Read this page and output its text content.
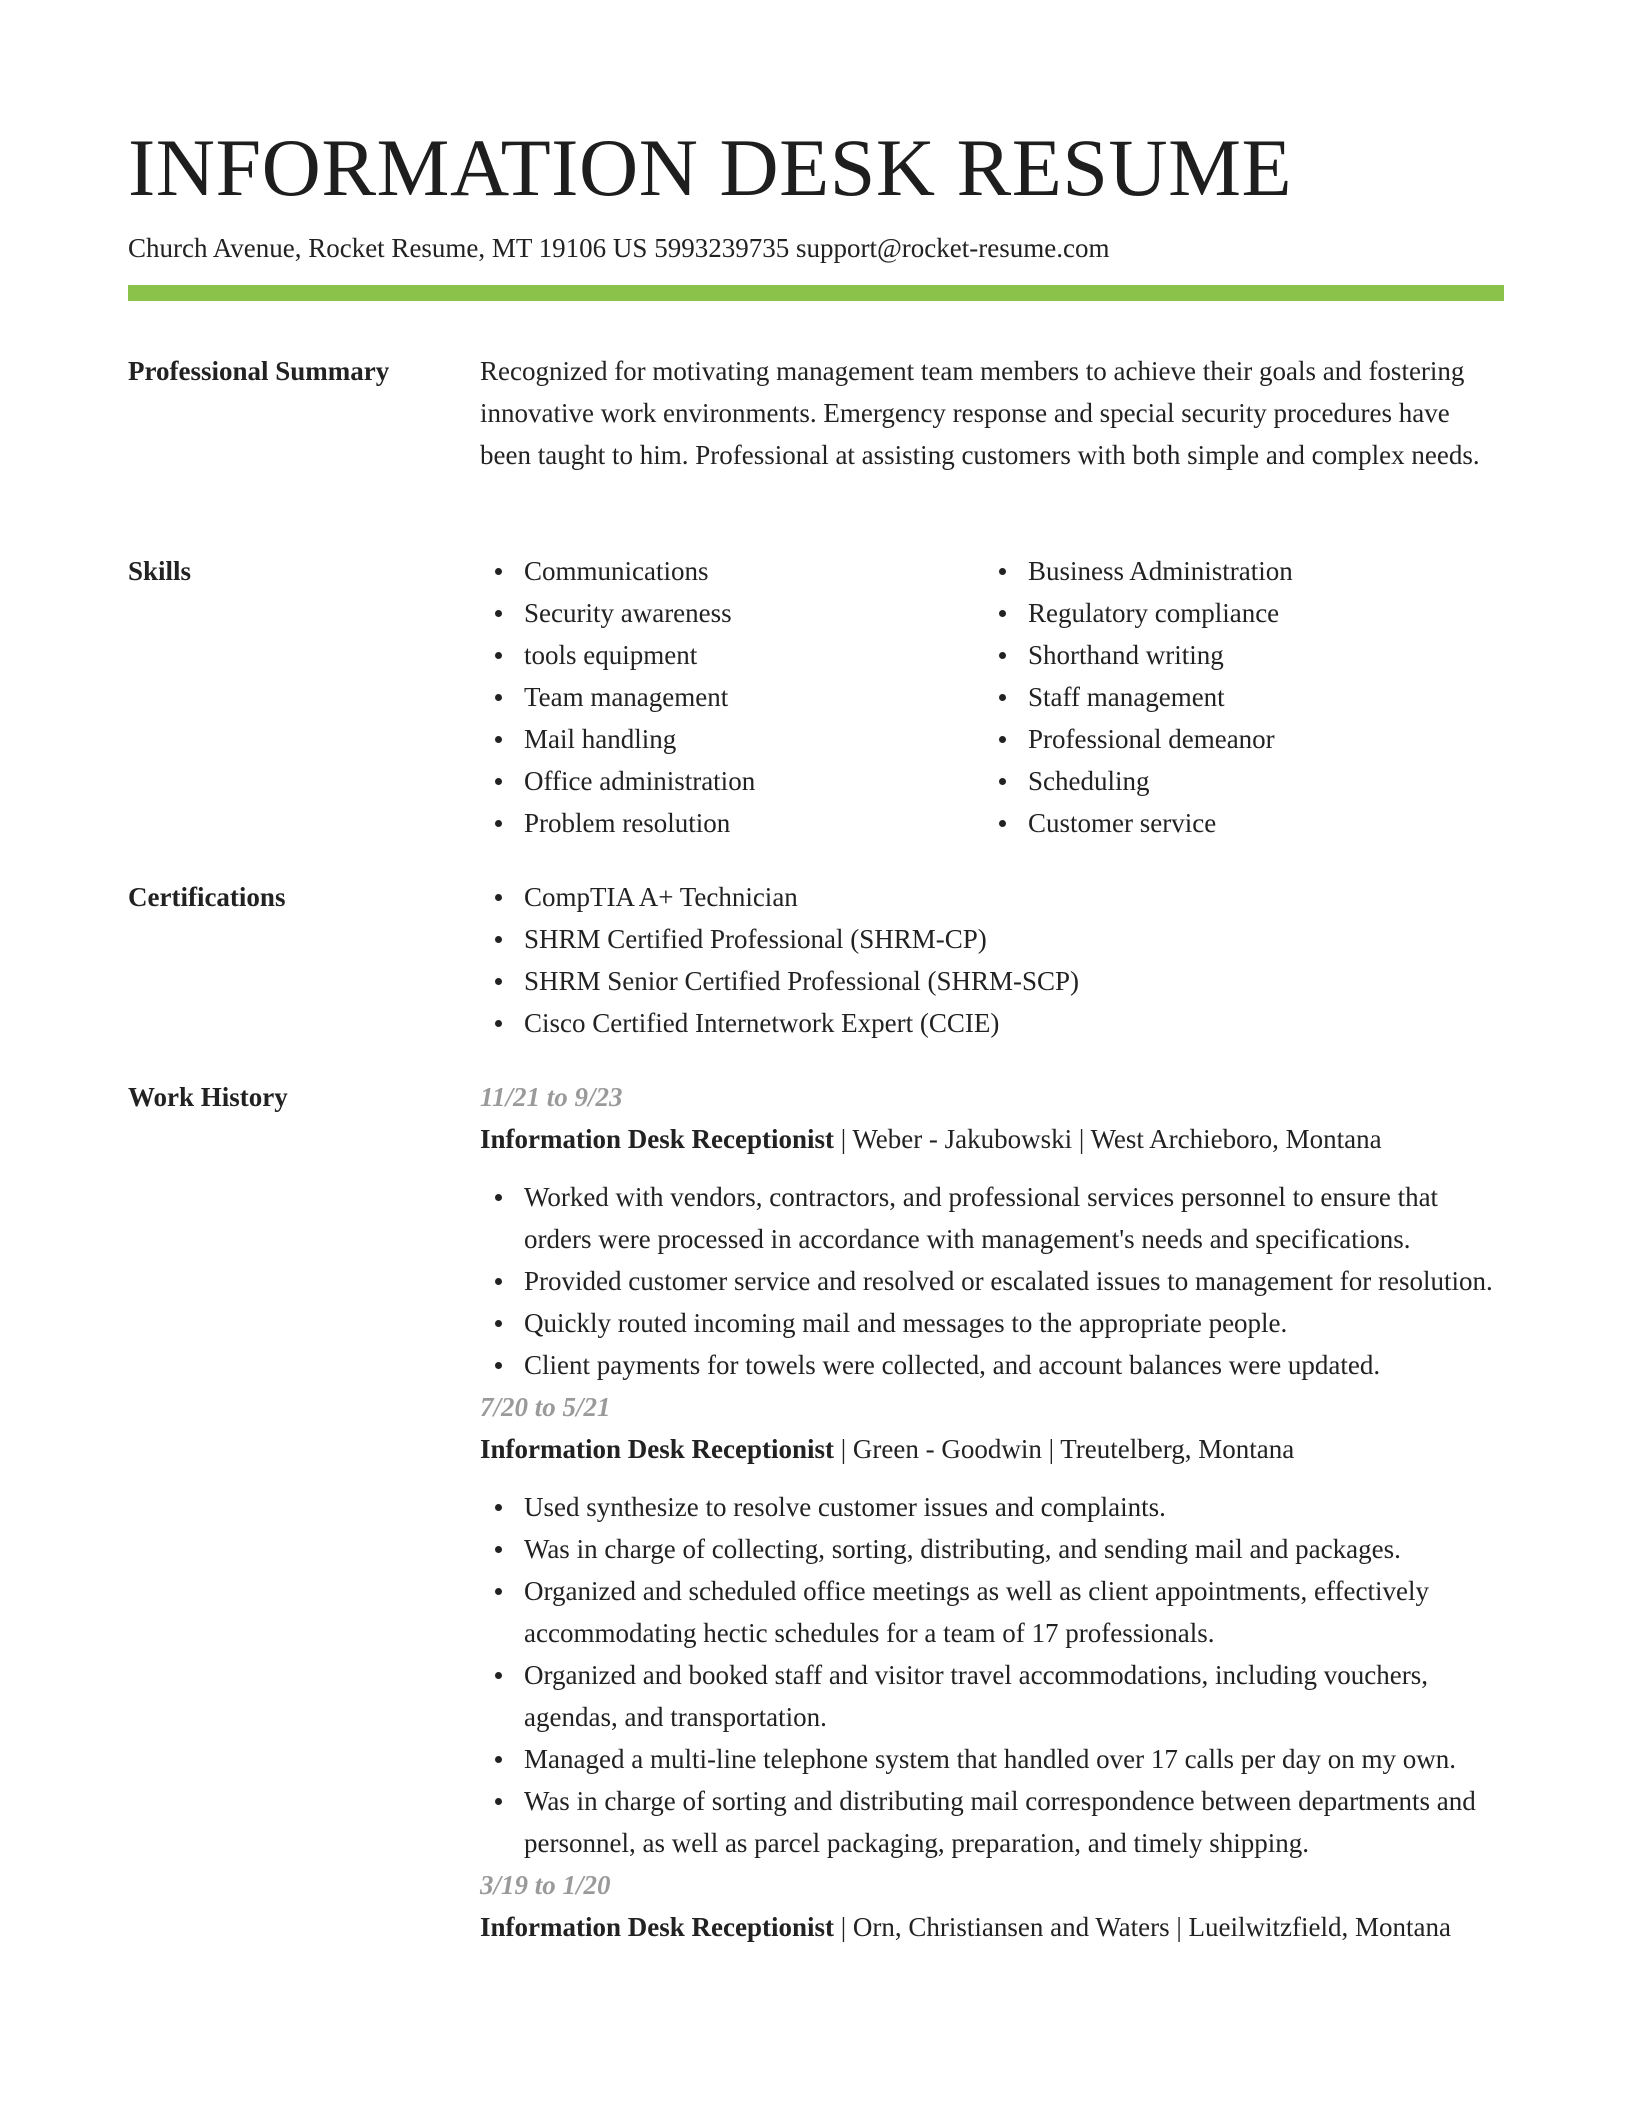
INFORMATION DESK RESUME
Church Avenue, Rocket Resume, MT 19106 US 5993239735 support@rocket-resume.com
Professional Summary	Recognized for motivating management team members to achieve their goals and fostering innovative work environments. Emergency response and special security procedures have been taught to him. Professional at assisting customers with both simple and complex needs.

Skills	Communications
Security awareness
tools equipment
Team management
Mail handling
Office administration
Problem resolution
Business Administration
Regulatory compliance
Shorthand writing
Staff management
Professional demeanor
Scheduling
Customer service
Certifications	CompTIA A+ Technician
SHRM Certified Professional (SHRM-CP)
SHRM Senior Certified Professional (SHRM-SCP)
Cisco Certified Internetwork Expert (CCIE)
Work History	11/21 to 9/23
Information Desk Receptionist | Weber - Jakubowski | West Archieboro, Montana
Worked with vendors, contractors, and professional services personnel to ensure that orders were processed in accordance with management's needs and specifications.
Provided customer service and resolved or escalated issues to management for resolution.
Quickly routed incoming mail and messages to the appropriate people.
Client payments for towels were collected, and account balances were updated.
7/20 to 5/21
Information Desk Receptionist | Green - Goodwin | Treutelberg, Montana
Used synthesize to resolve customer issues and complaints.
Was in charge of collecting, sorting, distributing, and sending mail and packages.
Organized and scheduled office meetings as well as client appointments, effectively accommodating hectic schedules for a team of 17 professionals.
Organized and booked staff and visitor travel accommodations, including vouchers, agendas, and transportation.
Managed a multi-line telephone system that handled over 17 calls per day on my own.
Was in charge of sorting and distributing mail correspondence between departments and personnel, as well as parcel packaging, preparation, and timely shipping.
3/19 to 1/20
Information Desk Receptionist | Orn, Christiansen and Waters | Lueilwitzfield, Montana
